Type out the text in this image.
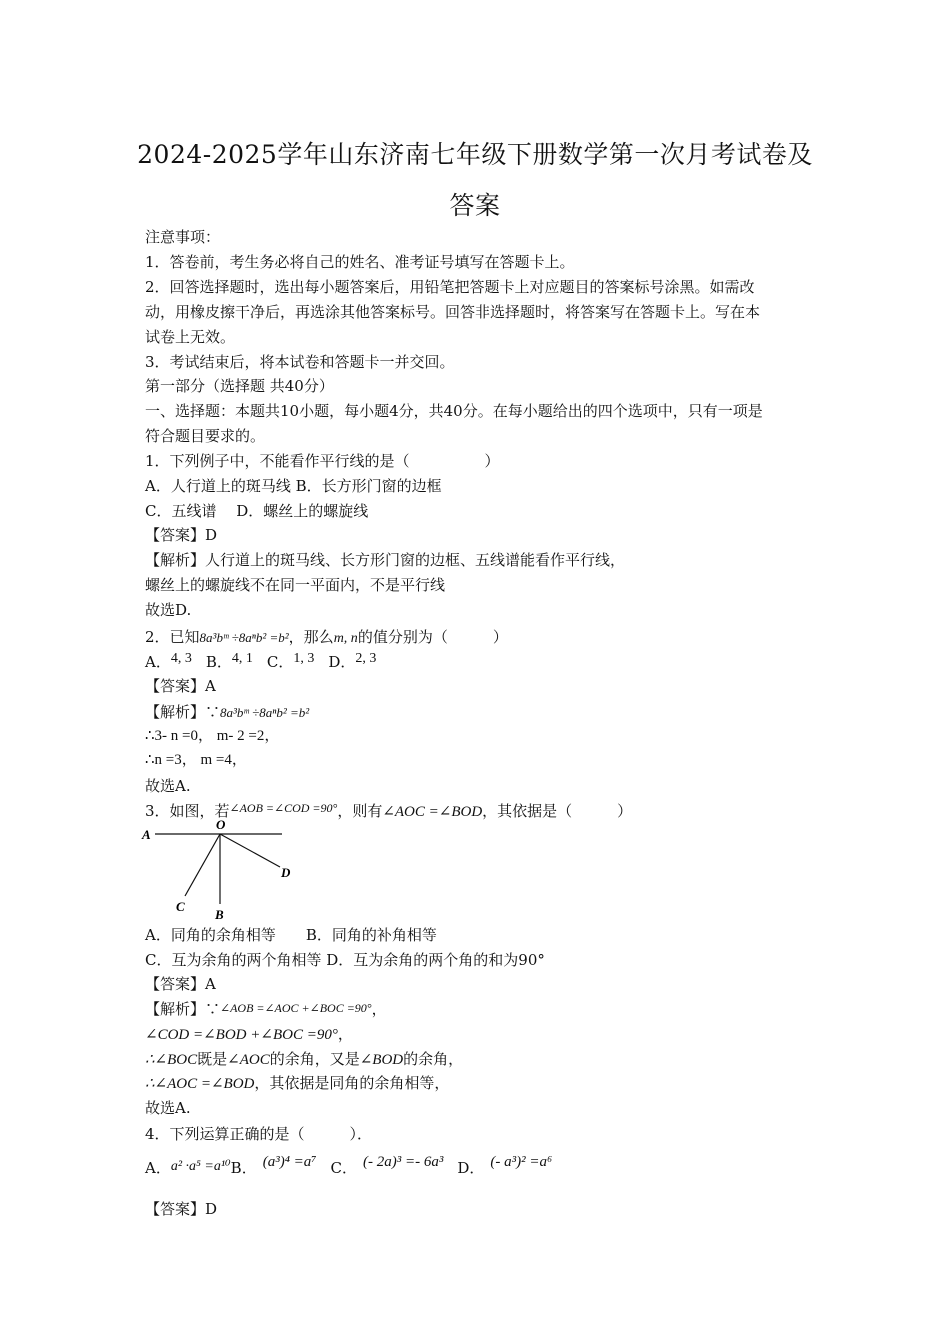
2024-2025学年山东济南七年级下册数学第一次月考试卷及
答案
注意事项：
1．答卷前，考生务必将自己的姓名、准考证号填写在答题卡上。
2．回答选择题时，选出每小题答案后，用铅笔把答题卡上对应题目的答案标号涂黑。如需改
动，用橡皮擦干净后，再选涂其他答案标号。回答非选择题时，将答案写在答题卡上。写在本
试卷上无效。
3．考试结束后，将本试卷和答题卡一并交回。
第一部分（选择题 共40分）
一、选择题：本题共10小题，每小题4分，共40分。在每小题给出的四个选项中，只有一项是
符合题目要求的。
1．下列例子中，不能看作平行线的是（　　　　　）
A．人行道上的斑马线 B．长方形门窗的边框
C．五线谱　 D．螺丝上的螺旋线
【答案】D
【解析】人行道上的斑马线、长方形门窗的边框、五线谱能看作平行线，
螺丝上的螺旋线不在同一平面内，不是平行线
故选D.
2．已知8a³bᵐ ÷8aⁿb² =b²，那么m, n的值分别为（　　　）
A．4, 3 B．4, 1 C．1, 3 D．2, 3
【答案】A
【解析】∵8a³bᵐ ÷8aⁿb² =b²
∴3- n =0， m- 2 =2，
∴n =3， m =4，
故选A.
3．如图，若$^{\angle AOB =\angle COD =90^\circ}$，则有∠AOC =∠BOD，其依据是（　　　）
A
O
D
C
B
A．同角的余角相等　　B．同角的补角相等
C．互为余角的两个角相等 D．互为余角的两个角的和为90°
【答案】A
【解析】∵∠AOB =∠AOC +∠BOC =90°，
∠COD =∠BOD +∠BOC =90°，
∴∠BOC既是∠AOC的余角，又是∠BOD的余角，
∴∠AOC =∠BOD，其依据是同角的余角相等，
故选A.
4．下列运算正确的是（　　　）．
A．a² ·a⁵ =a¹⁰B． (a³)⁴ =a⁷ C． (- 2a)³ =- 6a³ D． (- a³)² =a⁶
【答案】D
